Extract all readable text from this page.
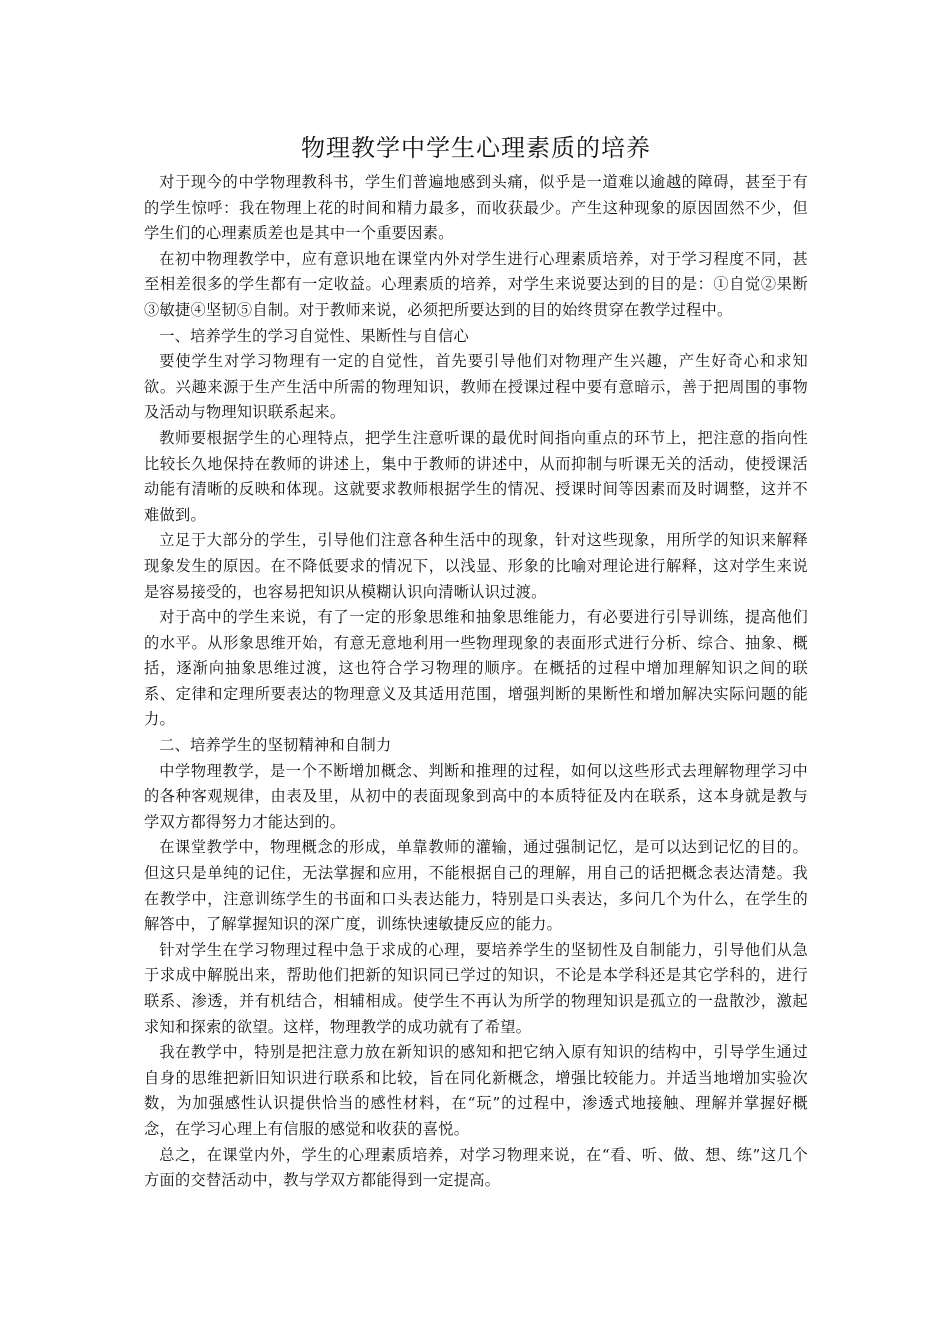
物理教学中学生心理素质的培养

对于现今的中学物理教科书，学生们普遍地感到头痛，似乎是一道难以逾越的障碍，甚至于有的学生惊呼：我在物理上花的时间和精力最多，而收获最少。产生这种现象的原因固然不少，但学生们的心理素质差也是其中一个重要因素。

在初中物理教学中，应有意识地在课堂内外对学生进行心理素质培养，对于学习程度不同，甚至相差很多的学生都有一定收益。心理素质的培养，对学生来说要达到的目的是：①自觉②果断③敏捷④坚韧⑤自制。对于教师来说，必须把所要达到的目的始终贯穿在教学过程中。

一、培养学生的学习自觉性、果断性与自信心

要使学生对学习物理有一定的自觉性，首先要引导他们对物理产生兴趣，产生好奇心和求知欲。兴趣来源于生产生活中所需的物理知识，教师在授课过程中要有意暗示，善于把周围的事物及活动与物理知识联系起来。

教师要根据学生的心理特点，把学生注意听课的最优时间指向重点的环节上，把注意的指向性比较长久地保持在教师的讲述上，集中于教师的讲述中，从而抑制与听课无关的活动，使授课活动能有清晰的反映和体现。这就要求教师根据学生的情况、授课时间等因素而及时调整，这并不难做到。

立足于大部分的学生，引导他们注意各种生活中的现象，针对这些现象，用所学的知识来解释现象发生的原因。在不降低要求的情况下，以浅显、形象的比喻对理论进行解释，这对学生来说是容易接受的，也容易把知识从模糊认识向清晰认识过渡。

对于高中的学生来说，有了一定的形象思维和抽象思维能力，有必要进行引导训练，提高他们的水平。从形象思维开始，有意无意地利用一些物理现象的表面形式进行分析、综合、抽象、概括，逐渐向抽象思维过渡，这也符合学习物理的顺序。在概括的过程中增加理解知识之间的联系、定律和定理所要表达的物理意义及其适用范围，增强判断的果断性和增加解决实际问题的能力。

二、培养学生的坚韧精神和自制力

中学物理教学，是一个不断增加概念、判断和推理的过程，如何以这些形式去理解物理学习中的各种客观规律，由表及里，从初中的表面现象到高中的本质特征及内在联系，这本身就是教与学双方都得努力才能达到的。

在课堂教学中，物理概念的形成，单靠教师的灌输，通过强制记忆，是可以达到记忆的目的。但这只是单纯的记住，无法掌握和应用，不能根据自己的理解，用自己的话把概念表达清楚。我在教学中，注意训练学生的书面和口头表达能力，特别是口头表达，多问几个为什么，在学生的解答中，了解掌握知识的深广度，训练快速敏捷反应的能力。

针对学生在学习物理过程中急于求成的心理，要培养学生的坚韧性及自制能力，引导他们从急于求成中解脱出来，帮助他们把新的知识同已学过的知识，不论是本学科还是其它学科的，进行联系、渗透，并有机结合，相辅相成。使学生不再认为所学的物理知识是孤立的一盘散沙，激起求知和探索的欲望。这样，物理教学的成功就有了希望。

我在教学中，特别是把注意力放在新知识的感知和把它纳入原有知识的结构中，引导学生通过自身的思维把新旧知识进行联系和比较，旨在同化新概念，增强比较能力。并适当地增加实验次数，为加强感性认识提供恰当的感性材料，在“玩”的过程中，渗透式地接触、理解并掌握好概念，在学习心理上有信服的感觉和收获的喜悦。

总之，在课堂内外，学生的心理素质培养，对学习物理来说，在“看、听、做、想、练”这几个方面的交替活动中，教与学双方都能得到一定提高。
